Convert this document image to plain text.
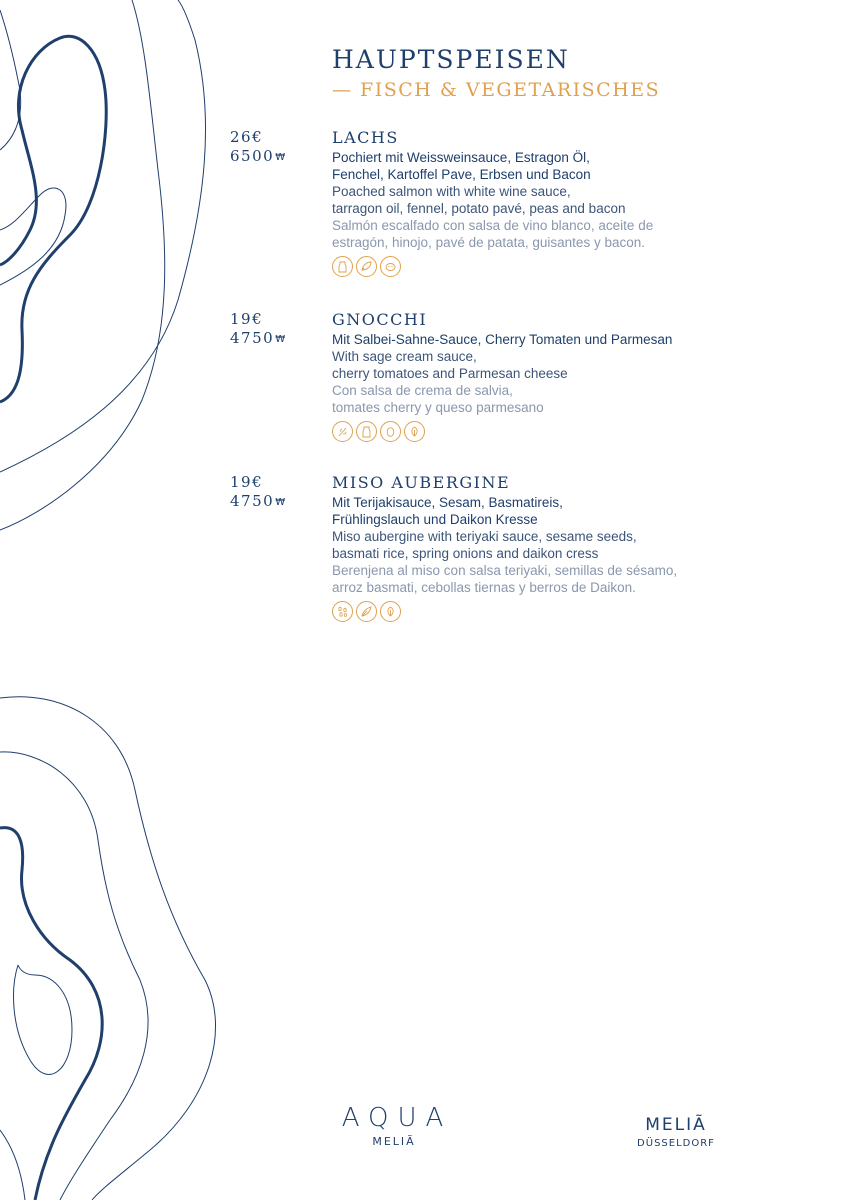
HAUPTSPEISEN
— FISCH & VEGETARISCHES
26€
6500₩
LACHS
Pochiert mit Weissweinsauce, Estragon Öl,
Fenchel, Kartoffel Pave, Erbsen und Bacon
Poached salmon with white wine sauce,
tarragon oil, fennel, potato pavé, peas and bacon
Salmón escalfado con salsa de vino blanco, aceite de
estragón, hinojo, pavé de patata, guisantes y bacon.
19€
4750₩
GNOCCHI
Mit Salbei-Sahne-Sauce, Cherry Tomaten und Parmesan
With sage cream sauce,
cherry tomatoes and Parmesan cheese
Con salsa de crema de salvia,
tomates cherry y queso parmesano
19€
4750₩
MISO AUBERGINE
Mit Terijakisauce, Sesam, Basmatireis,
Frühlingslauch und Daikon Kresse
Miso aubergine with teriyaki sauce, sesame seeds,
basmati rice, spring onions and daikon cress
Berenjena al miso con salsa teriyaki, semillas de sésamo,
arroz basmati, cebollas tiernas y berros de Daikon.
AQUA
MELIÃ
MELIÃ
DÜSSELDORF
